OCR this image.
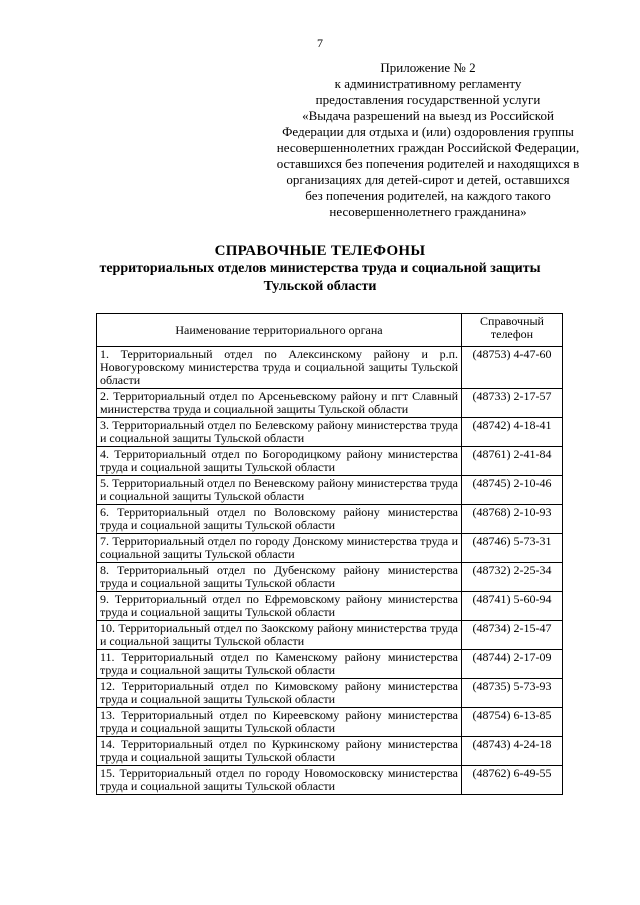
7
Приложение № 2
к административному регламенту
предоставления государственной услуги
«Выдача разрешений на выезд из Российской
Федерации для отдыха и (или) оздоровления группы
несовершеннолетних граждан Российской Федерации,
оставшихся без попечения родителей и находящихся в
организациях для детей-сирот и детей, оставшихся
без попечения родителей, на каждого такого
несовершеннолетнего гражданина»
СПРАВОЧНЫЕ ТЕЛЕФОНЫ
территориальных отделов министерства труда и социальной защиты
Тульской области
Наименование территориального органа	Справочный телефон
1. Территориальный отдел по Алексинскому району и р.п. Новогуровскому министерства труда и социальной защиты Тульской области	(48753) 4-47-60
2. Территориальный отдел по Арсеньевскому району и пгт Славный министерства труда и социальной защиты Тульской области	(48733) 2-17-57
3. Территориальный отдел по Белевскому району министерства труда и социальной защиты Тульской области	(48742) 4-18-41
4. Территориальный отдел по Богородицкому району министерства труда и социальной защиты Тульской области	(48761) 2-41-84
5. Территориальный отдел по Веневскому району министерства труда и социальной защиты Тульской области	(48745) 2-10-46
6. Территориальный отдел по Воловскому району министерства труда и социальной защиты Тульской области	(48768) 2-10-93
7. Территориальный отдел по городу Донскому министерства труда и социальной защиты Тульской области	(48746) 5-73-31
8. Территориальный отдел по Дубенскому району министерства труда и социальной защиты Тульской области	(48732) 2-25-34
9. Территориальный отдел по Ефремовскому району министерства труда и социальной защиты Тульской области	(48741) 5-60-94
10. Территориальный отдел по Заокскому району министерства труда и социальной защиты Тульской области	(48734) 2-15-47
11. Территориальный отдел по Каменскому району министерства труда и социальной защиты Тульской области	(48744) 2-17-09
12. Территориальный отдел по Кимовскому району министерства труда и социальной защиты Тульской области	(48735) 5-73-93
13. Территориальный отдел по Киреевскому району министерства труда и социальной защиты Тульской области	(48754) 6-13-85
14. Территориальный отдел по Куркинскому району министерства труда и социальной защиты Тульской области	(48743) 4-24-18
15. Территориальный отдел по городу Новомосковску министерства труда и социальной защиты Тульской области	(48762) 6-49-55
